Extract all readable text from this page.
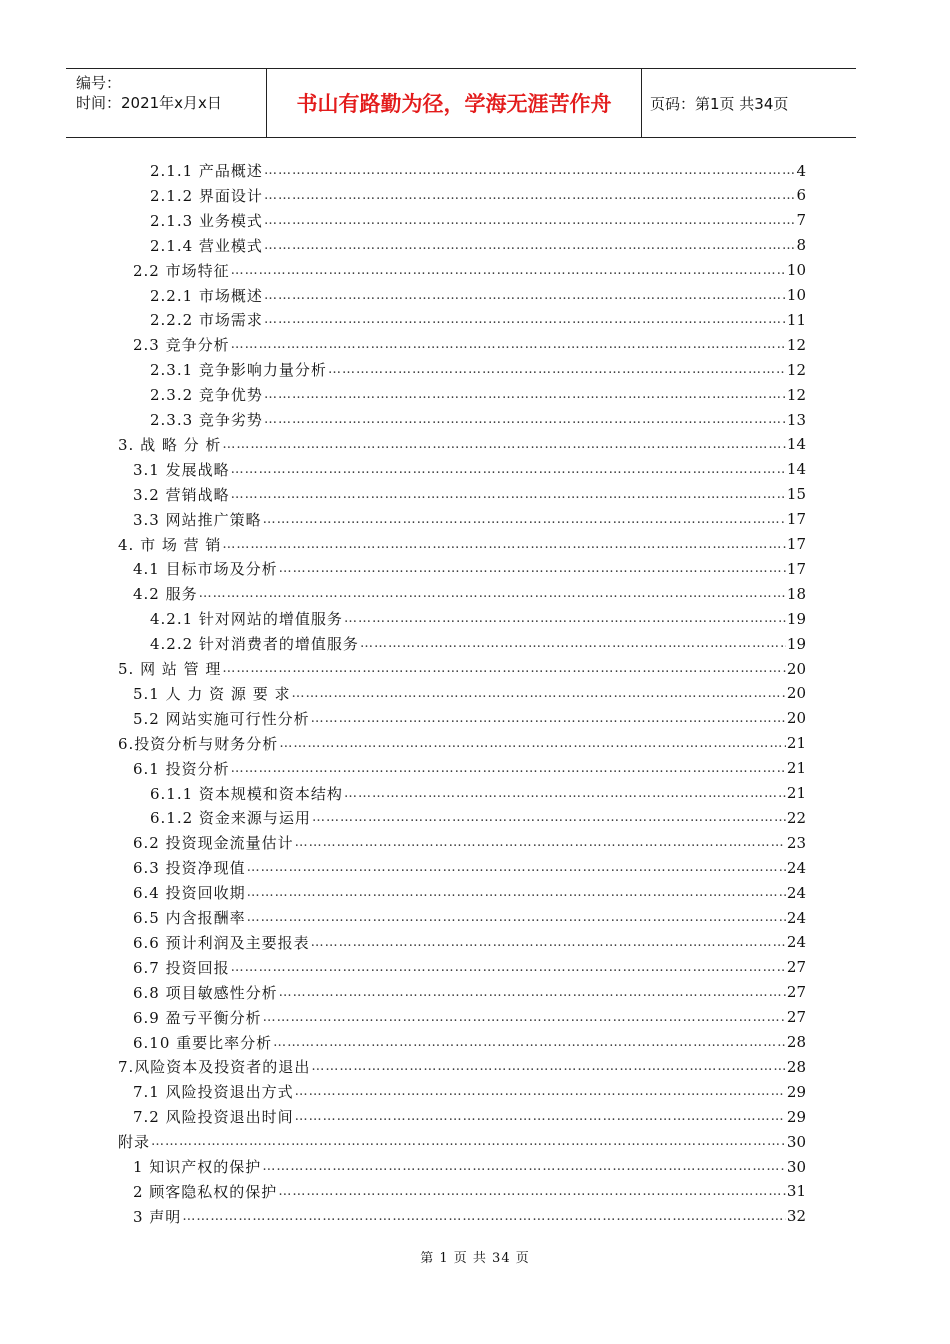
编号：
时间：2021年x月x日	书山有路勤为径，学海无涯苦作舟	页码：第1页 共34页
2.1.1 产品概述 …………………………………………………………………………………………………………………………………………………………………………………………………………	4
2.1.2 界面设计 …………………………………………………………………………………………………………………………………………………………………………………………………………	6
2.1.3 业务模式 …………………………………………………………………………………………………………………………………………………………………………………………………………	7
2.1.4 营业模式 …………………………………………………………………………………………………………………………………………………………………………………………………………	8
2.2 市场特征 …………………………………………………………………………………………………………………………………………………………………………………………………………	10
2.2.1 市场概述 …………………………………………………………………………………………………………………………………………………………………………………………………………	10
2.2.2 市场需求 …………………………………………………………………………………………………………………………………………………………………………………………………………	11
2.3 竞争分析 …………………………………………………………………………………………………………………………………………………………………………………………………………	12
2.3.1 竞争影响力量分析 …………………………………………………………………………………………………………………………………………………………………………………………………………	12
2.3.2 竞争优势 …………………………………………………………………………………………………………………………………………………………………………………………………………	12
2.3.3 竞争劣势 …………………………………………………………………………………………………………………………………………………………………………………………………………	13
3. 战 略 分 析 …………………………………………………………………………………………………………………………………………………………………………………………………………	14
3.1 发展战略 …………………………………………………………………………………………………………………………………………………………………………………………………………	14
3.2 营销战略 …………………………………………………………………………………………………………………………………………………………………………………………………………	15
3.3 网站推广策略 …………………………………………………………………………………………………………………………………………………………………………………………………………	17
4. 市 场 营 销 …………………………………………………………………………………………………………………………………………………………………………………………………………	17
4.1 目标市场及分析 …………………………………………………………………………………………………………………………………………………………………………………………………………	17
4.2 服务 …………………………………………………………………………………………………………………………………………………………………………………………………………	18
4.2.1 针对网站的增值服务 …………………………………………………………………………………………………………………………………………………………………………………………………………	19
4.2.2 针对消费者的增值服务 …………………………………………………………………………………………………………………………………………………………………………………………………………	19
5. 网 站 管 理 …………………………………………………………………………………………………………………………………………………………………………………………………………	20
5.1 人 力 资 源 要 求 …………………………………………………………………………………………………………………………………………………………………………………………………………	20
5.2 网站实施可行性分析 …………………………………………………………………………………………………………………………………………………………………………………………………………	20
6.投资分析与财务分析 …………………………………………………………………………………………………………………………………………………………………………………………………………	21
6.1 投资分析 …………………………………………………………………………………………………………………………………………………………………………………………………………	21
6.1.1 资本规模和资本结构 …………………………………………………………………………………………………………………………………………………………………………………………………………	21
6.1.2 资金来源与运用 …………………………………………………………………………………………………………………………………………………………………………………………………………	22
6.2 投资现金流量估计 …………………………………………………………………………………………………………………………………………………………………………………………………………	23
6.3 投资净现值 …………………………………………………………………………………………………………………………………………………………………………………………………………	24
6.4 投资回收期 …………………………………………………………………………………………………………………………………………………………………………………………………………	24
6.5 内含报酬率 …………………………………………………………………………………………………………………………………………………………………………………………………………	24
6.6 预计利润及主要报表 …………………………………………………………………………………………………………………………………………………………………………………………………………	24
6.7 投资回报 …………………………………………………………………………………………………………………………………………………………………………………………………………	27
6.8 项目敏感性分析 …………………………………………………………………………………………………………………………………………………………………………………………………………	27
6.9 盈亏平衡分析 …………………………………………………………………………………………………………………………………………………………………………………………………………	27
6.10 重要比率分析 …………………………………………………………………………………………………………………………………………………………………………………………………………	28
7.风险资本及投资者的退出 …………………………………………………………………………………………………………………………………………………………………………………………………………	28
7.1 风险投资退出方式 …………………………………………………………………………………………………………………………………………………………………………………………………………	29
7.2 风险投资退出时间 …………………………………………………………………………………………………………………………………………………………………………………………………………	29
附录 …………………………………………………………………………………………………………………………………………………………………………………………………………	30
1 知识产权的保护 …………………………………………………………………………………………………………………………………………………………………………………………………………	30
2 顾客隐私权的保护 …………………………………………………………………………………………………………………………………………………………………………………………………………	31
3 声明 …………………………………………………………………………………………………………………………………………………………………………………………………………	32
第 1 页 共 34 页
